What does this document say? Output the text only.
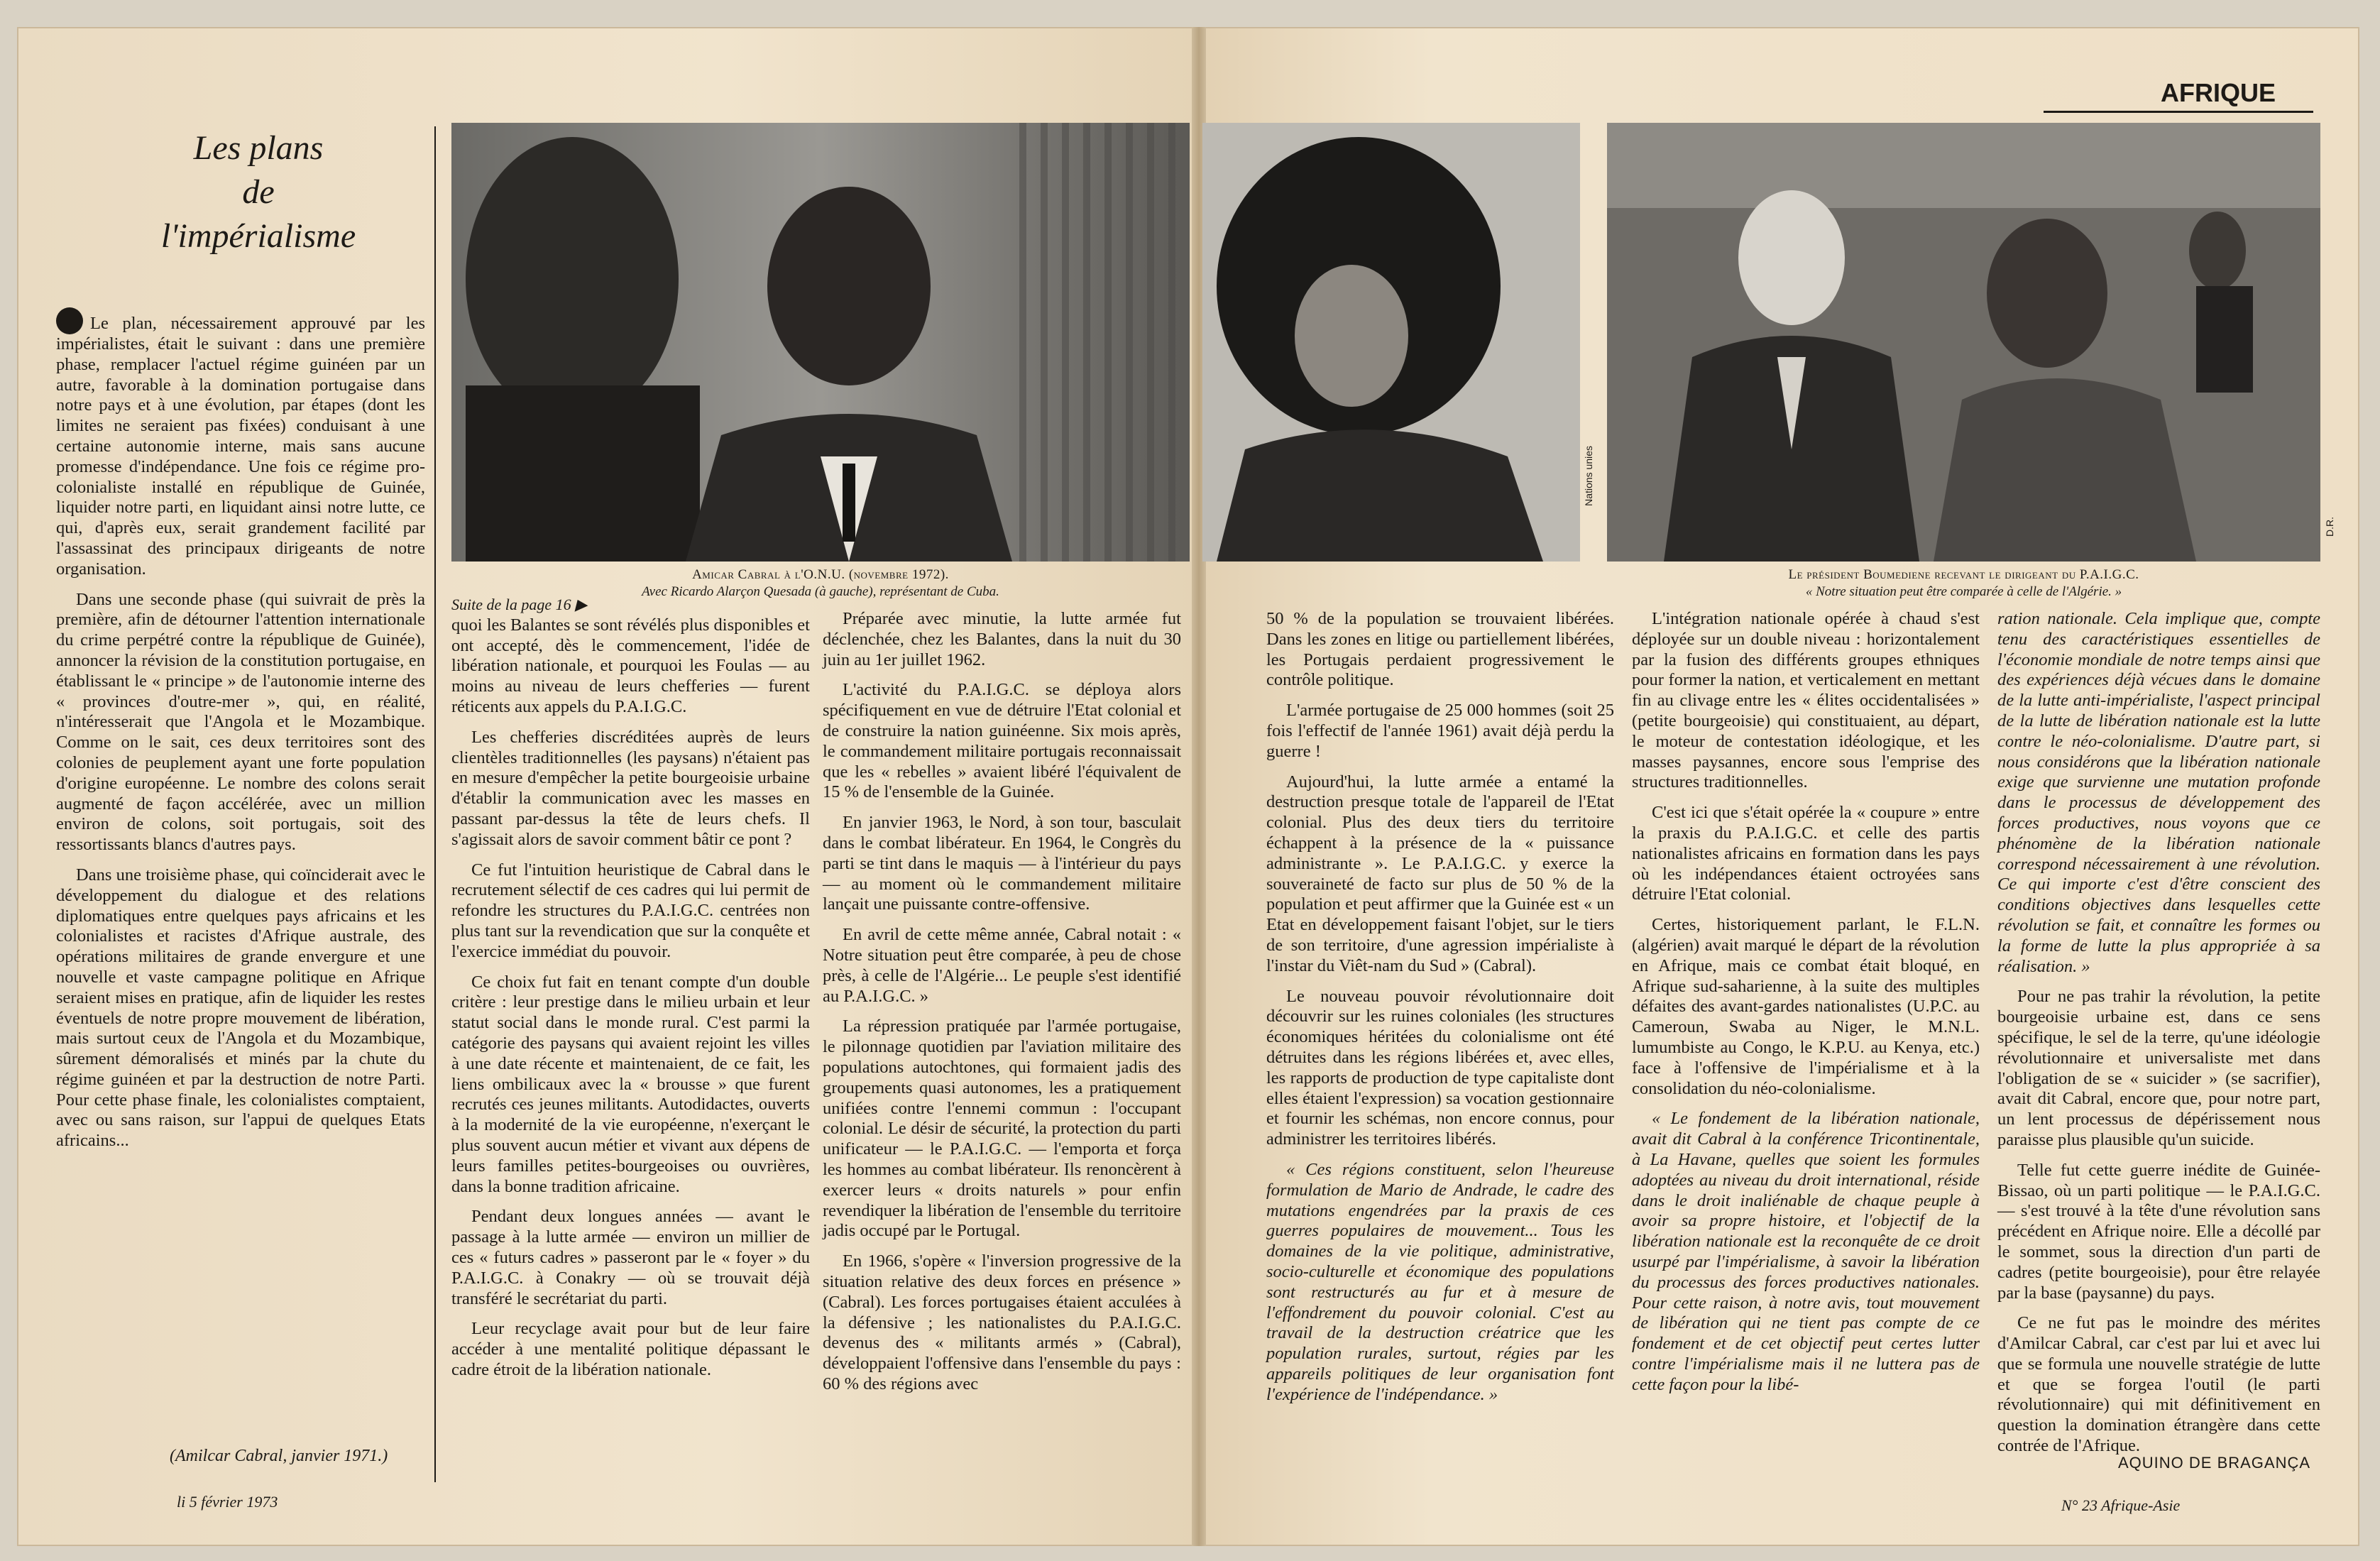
AFRIQUE
Les plans
de
l'impérialisme

Le plan, nécessairement approuvé par les impérialistes, était le suivant : dans une première phase, remplacer l'actuel régime guinéen par un autre, favorable à la domination portugaise dans notre pays et à une évolution, par étapes (dont les limites ne seraient pas fixées) conduisant à une certaine autonomie interne, mais sans aucune promesse d'indépendance. Une fois ce régime pro-colonialiste installé en république de Guinée, liquider notre parti, en liquidant ainsi notre lutte, ce qui, d'après eux, serait grandement facilité par l'assassinat des principaux dirigeants de notre organisation.

Dans une seconde phase (qui suivrait de près la première, afin de détourner l'attention internationale du crime perpétré contre la république de Guinée), annoncer la révision de la constitution portugaise, en établissant le « principe » de l'autonomie interne des « provinces d'outre-mer », qui, en réalité, n'intéresserait que l'Angola et le Mozambique. Comme on le sait, ces deux territoires sont des colonies de peuplement ayant une forte population d'origine européenne. Le nombre des colons serait augmenté de façon accélérée, avec un million environ de colons, soit portugais, soit des ressortissants blancs d'autres pays.

Dans une troisième phase, qui coïnciderait avec le développement du dialogue et des relations diplomatiques entre quelques pays africains et les colonialistes et racistes d'Afrique australe, des opérations militaires de grande envergure et une nouvelle et vaste campagne politique en Afrique seraient mises en pratique, afin de liquider les restes éventuels de notre propre mouvement de libération, mais surtout ceux de l'Angola et du Mozambique, sûrement démoralisés et minés par la chute du régime guinéen et par la destruction de notre Parti. Pour cette phase finale, les colonialistes comptaient, avec ou sans raison, sur l'appui de quelques Etats africains...

(Amilcar Cabral, janvier 1971.)
li 5 février 1973
Amicar Cabral à l'O.N.U. (novembre 1972).
Avec Ricardo Alarçon Quesada (à gauche), représentant de Cuba.
Nations unies
D.R.
Le président Boumediene recevant le dirigeant du P.A.I.G.C.
« Notre situation peut être comparée à celle de l'Algérie. »
Suite de la page 16 ▶

quoi les Balantes se sont révélés plus disponibles et ont accepté, dès le commencement, l'idée de libération nationale, et pourquoi les Foulas — au moins au niveau de leurs chefferies — furent réticents aux appels du P.A.I.G.C.

Les chefferies discréditées auprès de leurs clientèles traditionnelles (les paysans) n'étaient pas en mesure d'empêcher la petite bourgeoisie urbaine d'établir la communication avec les masses en passant par-dessus la tête de leurs chefs. Il s'agissait alors de savoir comment bâtir ce pont ?

Ce fut l'intuition heuristique de Cabral dans le recrutement sélectif de ces cadres qui lui permit de refondre les structures du P.A.I.G.C. centrées non plus tant sur la revendication que sur la conquête et l'exercice immédiat du pouvoir.

Ce choix fut fait en tenant compte d'un double critère : leur prestige dans le milieu urbain et leur statut social dans le monde rural. C'est parmi la catégorie des paysans qui avaient rejoint les villes à une date récente et maintenaient, de ce fait, les liens ombilicaux avec la « brousse » que furent recrutés ces jeunes militants. Autodidactes, ouverts à la modernité de la vie européenne, n'exerçant le plus souvent aucun métier et vivant aux dépens de leurs familles petites-bourgeoises ou ouvrières, dans la bonne tradition africaine.

Pendant deux longues années — avant le passage à la lutte armée — environ un millier de ces « futurs cadres » passeront par le « foyer » du P.A.I.G.C. à Conakry — où se trouvait déjà transféré le secrétariat du parti.

Leur recyclage avait pour but de leur faire accéder à une mentalité politique dépassant le cadre étroit de la libération nationale.

Préparée avec minutie, la lutte armée fut déclenchée, chez les Balantes, dans la nuit du 30 juin au 1er juillet 1962.

L'activité du P.A.I.G.C. se déploya alors spécifiquement en vue de détruire l'Etat colonial et de construire la nation guinéenne. Six mois après, le commandement militaire portugais reconnaissait que les « rebelles » avaient libéré l'équivalent de 15 % de l'ensemble de la Guinée.

En janvier 1963, le Nord, à son tour, basculait dans le combat libérateur. En 1964, le Congrès du parti se tint dans le maquis — à l'intérieur du pays — au moment où le commandement militaire lançait une puissante contre-offensive.

En avril de cette même année, Cabral notait : « Notre situation peut être comparée, à peu de chose près, à celle de l'Algérie... Le peuple s'est identifié au P.A.I.G.C. »

La répression pratiquée par l'armée portugaise, le pilonnage quotidien par l'aviation militaire des populations autochtones, qui formaient jadis des groupements quasi autonomes, les a pratiquement unifiées contre l'ennemi commun : l'occupant colonial. Le désir de sécurité, la protection du parti unificateur — le P.A.I.G.C. — l'emporta et força les hommes au combat libérateur. Ils renoncèrent à exercer leurs « droits naturels » pour enfin revendiquer la libération de l'ensemble du territoire jadis occupé par le Portugal.

En 1966, s'opère « l'inversion progressive de la situation relative des deux forces en présence » (Cabral). Les forces portugaises étaient acculées à la défensive ; les nationalistes du P.A.I.G.C. devenus des « militants armés » (Cabral), développaient l'offensive dans l'ensemble du pays : 60 % des régions avec

50 % de la population se trouvaient libérées. Dans les zones en litige ou partiellement libérées, les Portugais perdaient progressivement le contrôle politique.

L'armée portugaise de 25 000 hommes (soit 25 fois l'effectif de l'année 1961) avait déjà perdu la guerre !

Aujourd'hui, la lutte armée a entamé la destruction presque totale de l'appareil de l'Etat colonial. Plus des deux tiers du territoire échappent à la présence de la « puissance administrante ». Le P.A.I.G.C. y exerce la souveraineté de facto sur plus de 50 % de la population et peut affirmer que la Guinée est « un Etat en développement faisant l'objet, sur le tiers de son territoire, d'une agression impérialiste à l'instar du Viêt-nam du Sud » (Cabral).

Le nouveau pouvoir révolutionnaire doit découvrir sur les ruines coloniales (les structures économiques héritées du colonialisme ont été détruites dans les régions libérées et, avec elles, les rapports de production de type capitaliste dont elles étaient l'expression) sa vocation gestionnaire et fournir les schémas, non encore connus, pour administrer les territoires libérés.

« Ces régions constituent, selon l'heureuse formulation de Mario de Andrade, le cadre des mutations engendrées par la praxis de ces guerres populaires de mouvement... Tous les domaines de la vie politique, administrative, socio-culturelle et économique des populations sont restructurés au fur et à mesure de l'effondrement du pouvoir colonial. C'est au travail de la destruction créatrice que les population rurales, surtout, régies par les appareils politiques de leur organisation font l'expérience de l'indépendance. »

L'intégration nationale opérée à chaud s'est déployée sur un double niveau : horizontalement par la fusion des différents groupes ethniques pour former la nation, et verticalement en mettant fin au clivage entre les « élites occidentalisées » (petite bourgeoisie) qui constituaient, au départ, le moteur de contestation idéologique, et les masses paysannes, encore sous l'emprise des structures traditionnelles.

C'est ici que s'était opérée la « coupure » entre la praxis du P.A.I.G.C. et celle des partis nationalistes africains en formation dans les pays où les indépendances étaient octroyées sans détruire l'Etat colonial.

Certes, historiquement parlant, le F.L.N. (algérien) avait marqué le départ de la révolution en Afrique, mais ce combat était bloqué, en Afrique sud-saharienne, à la suite des multiples défaites des avant-gardes nationalistes (U.P.C. au Cameroun, Swaba au Niger, le M.N.L. lumumbiste au Congo, le K.P.U. au Kenya, etc.) face à l'offensive de l'impérialisme et à la consolidation du néo-colonialisme.

« Le fondement de la libération nationale, avait dit Cabral à la conférence Tricontinentale, à La Havane, quelles que soient les formules adoptées au niveau du droit international, réside dans le droit inaliénable de chaque peuple à avoir sa propre histoire, et l'objectif de la libération nationale est la reconquête de ce droit usurpé par l'impérialisme, à savoir la libération du processus des forces productives nationales. Pour cette raison, à notre avis, tout mouvement de libération qui ne tient pas compte de ce fondement et de cet objectif peut certes lutter contre l'impérialisme mais il ne luttera pas de cette façon pour la libé-

ration nationale. Cela implique que, compte tenu des caractéristiques essentielles de l'économie mondiale de notre temps ainsi que des expériences déjà vécues dans le domaine de la lutte anti-impérialiste, l'aspect principal de la lutte de libération nationale est la lutte contre le néo-colonialisme. D'autre part, si nous considérons que la libération nationale exige que survienne une mutation profonde dans le processus de développement des forces productives, nous voyons que ce phénomène de la libération nationale correspond nécessairement à une révolution. Ce qui importe c'est d'être conscient des conditions objectives dans lesquelles cette révolution se fait, et connaître les formes ou la forme de lutte la plus appropriée à sa réalisation. »

Pour ne pas trahir la révolution, la petite bourgeoisie urbaine est, dans ce sens spécifique, le sel de la terre, qu'une idéologie révolutionnaire et universaliste met dans l'obligation de se « suicider » (se sacrifier), avait dit Cabral, encore que, pour notre part, un lent processus de dépérissement nous paraisse plus plausible qu'un suicide.

Telle fut cette guerre inédite de Guinée-Bissao, où un parti politique — le P.A.I.G.C. — s'est trouvé à la tête d'une révolution sans précédent en Afrique noire. Elle a décollé par le sommet, sous la direction d'un parti de cadres (petite bourgeoisie), pour être relayée par la base (paysanne) du pays.

Ce ne fut pas le moindre des mérites d'Amilcar Cabral, car c'est par lui et avec lui que se formula une nouvelle stratégie de lutte et que se forgea l'outil (le parti révolutionnaire) qui mit définitivement en question la domination étrangère dans cette contrée de l'Afrique.

AQUINO DE BRAGANÇA
N° 23 Afrique-Asie
